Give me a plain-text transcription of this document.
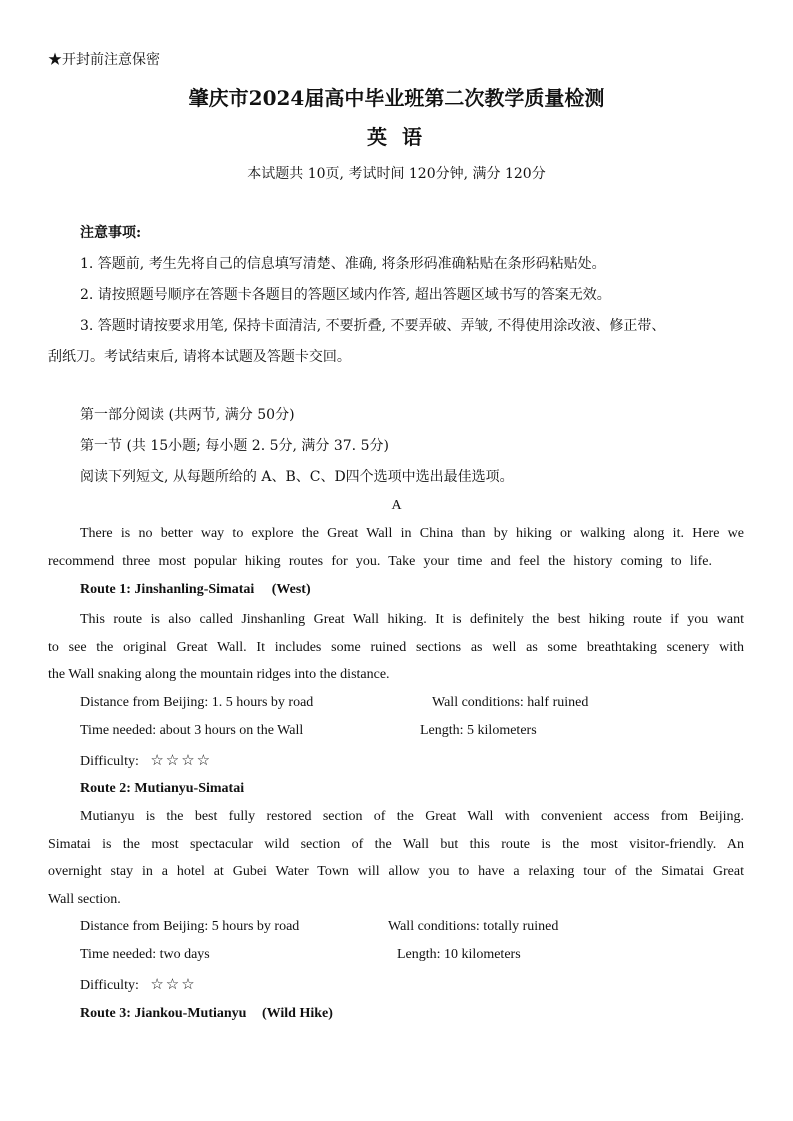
★开封前注意保密
肇庆市2024届高中毕业班第二次教学质量检测
英 语
本试题共 10页, 考试时间 120分钟, 满分 120分
注意事项:
1. 答题前, 考生先将自己的信息填写清楚、准确, 将条形码准确粘贴在条形码粘贴处。
2. 请按照题号顺序在答题卡各题目的答题区域内作答, 超出答题区域书写的答案无效。
3. 答题时请按要求用笔, 保持卡面清洁, 不要折叠, 不要弄破、弄皱, 不得使用涂改液、修正带、
刮纸刀。考试结束后, 请将本试题及答题卡交回。
第一部分阅读 (共两节, 满分 50分)
第一节 (共 15小题; 每小题 2. 5分, 满分 37. 5分)
阅读下列短文, 从每题所给的 A、B、C、D四个选项中选出最佳选项。
A
There is no better way to explore the Great Wall in China than by hiking or walking along it. Here we
recommend three most popular hiking routes for you. Take your time and feel the history coming to life.
Route 1: Jinshanling-Simatai (West)
This route is also called Jinshanling Great Wall hiking. It is definitely the best hiking route if you want
to see the original Great Wall. It includes some ruined sections as well as some breathtaking scenery with
the Wall snaking along the mountain ridges into the distance.
Distance from Beijing: 1. 5 hours by road	Wall conditions: half ruined
Time needed: about 3 hours on the Wall	Length: 5 kilometers
Difficulty: ☆☆☆☆
Route 2: Mutianyu-Simatai
Mutianyu is the best fully restored section of the Great Wall with convenient access from Beijing.
Simatai is the most spectacular wild section of the Wall but this route is the most visitor-friendly. An
overnight stay in a hotel at Gubei Water Town will allow you to have a relaxing tour of the Simatai Great
Wall section.
Distance from Beijing: 5 hours by road	Wall conditions: totally ruined
Time needed: two days	Length: 10 kilometers
Difficulty: ☆☆☆
Route 3: Jiankou-Mutianyu (Wild Hike)
